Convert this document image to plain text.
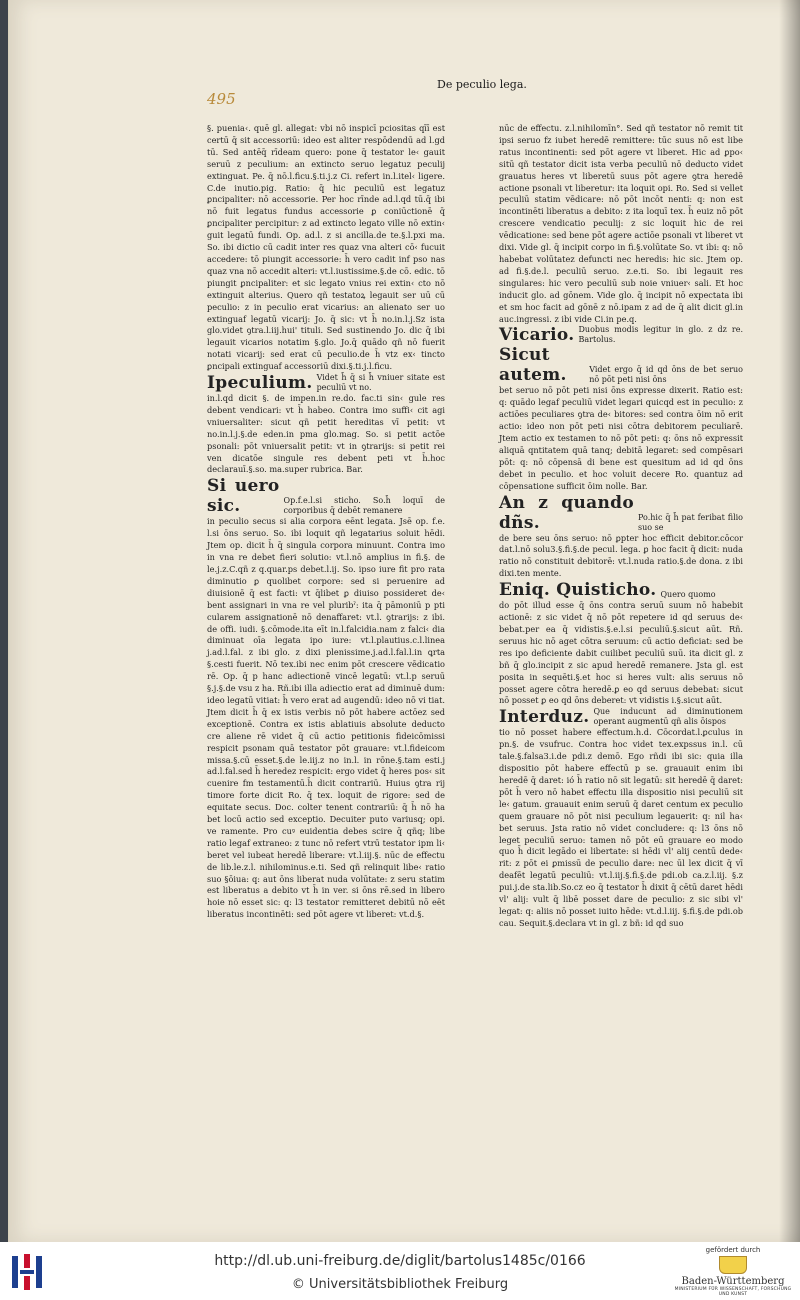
495
De peculio lega.

§. puenia‹. quē gl. allegat: vbi nō inspicī pciositas qīī est certū q̄ sit accessoriū: ideo est aliter respōdendū ad l.gd tū. Sed antēq̄ rīdeam quero: pone q̄ testator le‹ gauit seruū z peculium: an extincto seruo legatuz peculij extinguat. Pe. q̄ nō.l.ficu.§.ti.j.z Ci. refert in.l.itel‹ ligere. C.de inutio.pig. Ratio: q̄ hic peculiū est legatuz ꝑncipaliter: nō accessorie. Per hoc rīnde ad.l.qd tū.q̄ ibi nō fuit legatus fundus accessorie ꝑ coniūctionē q̄ ꝑncipaliter percipitur: z ad extincto legato ville nō extin‹ guit legatū fundi. Op. ad.l. z si ancilla.de te.§.l.pxi ma. So. ibi dictio cū cadit inter res quaz vna alteri cō‹ fucuit accedere: tō piungit accessorie: h̄ vero cadit inf pso nas quaz vna nō accedit alteri: vt.l.iustissime.§.de cō. edic. tō piungit ꝑncipaliter: et sic legato vnius rei extin‹ cto nō extinguit alterius. Quero qñ testatoꝝ legauit ser uū cū peculio: z in peculio erat vicarius: an alienato ser uo extinguaf legatū vicarij: Jo. q̄ sic: vt h̄ no.in.l.j.Sz ista glo.videt ꝯtra.l.iij.hui' tituli. Sed sustinendo Jo. dic q̄ ibi legauit vicarios notatim §.glo. Jo.q̄ quādo qñ nō fuerit notati vicarij: sed erat cū peculio.de h̄ vtz ex‹ tincto ꝑncipali extinguaf accessoriū dixi.§.ti.j.l.ficu.

Ipeculium. Videt h̄ q̄ si h̄ vniuer sitate est peculiū vt no.

in.l.qd dicit §. de impen.in re.do. fac.ti sin‹ gule res debent vendicari: vt h̄ habeo. Contra imo suffi‹ cit agi vniuersaliter: sicut qñ petit hereditas vī petit: vt no.in.l.j.§.de eden.in pma glo.mag. So. si petit actōe psonali: pōt vniuersalit petit: vt in ꝯtrarijs: si petit rei ven dicatōe singule res debent peti vt h̄.hoc declarauī.§.so. ma.super rubrica. Bar.

Si uero sic.	Op.f.e.l.si sticho. So.h̄ loquī de corporibus q̄ debēt remanere

in peculio secus si alia corpora eēnt legata. Jsē op. f.e. l.si ōns seruo. So. ibi loquit qñ legatarius soluit hēdi. Jtem op. dicit h̄ q̄ singula corpora minuunt. Contra imo in vna re debet fieri solutio: vt.l.nō amplius in fi.§. de le.j.z.C.qñ z q.quar.ps debet.l.ij. So. ipso iure fit pro rata diminutio ꝑ quolibet corpore: sed si peruenire ad diuisionē q̄ est facti: vt q̄libet ꝑ diuiso possideret de‹ bent assignari in vna re vel pluribˀ: ita q̄ pāmoniū p pti cularem assignationē nō denaffaret: vt.l. ꝯtrarijs: z ibi. de offi. iudi. §.cōmode.ita eīt in.l.falcidia.nam z falci‹ dia diminuat oīa legata ipo iure: vt.l.plautius.c.l.linea j.ad.l.fal. z ibi glo. z dixi plenissime.j.ad.l.fal.l.in ꝗrta §.cesti fuerit. Nō tex.ibi nec enim pōt crescere vēdicatio rē. Op. q̄ p hanc adiectionē vincē legatū: vt.l.p seruū §.j.§.de vsu z ha. Rñ.ibi illa adiectio erat ad diminuē dum: ideo legatū vitiat: h̄ vero erat ad augendū: ideo nō vi tiat. Jtem dicit h̄ q̄ ex istis verbis nō pōt habere actōez sed exceptionē. Contra ex istis ablatiuis absolute deducto cre aliene rē videt q̄ cū actio petitionis fideicōmissi respicit psonam quā testator pōt grauare: vt.l.fideicom missa.§.cū esset.§.de le.iij.z no in.l. in rōne.§.tam esti.j ad.l.fal.sed h̄ heredez respicit: ergo videt q̄ heres pos‹ sit cuenire fm testamentū.h̄ dicit contrariū. Huius ꝯtra rij timore forte dicit Ro. q̄ tex. loquit de rigore: sed de equitate secus. Doc. colter tenent contrariū: q̄ h̄ nō ha bet locū actio sed exceptio. Decuiter puto variusq; opi. ve ramente. Pro cuꝰ euidentia debes scire q̄ qñq; libe ratio legaf extraneo: z tunc nō refert vtrū testator ipm li‹ beret vel iubeat heredē liberare: vt.l.iij.§. nūc de effectu de lib.le.z.l. nihilominus.e.ti. Sed qñ relinquit libe‹ ratio suo §ōiua: q: aut ōns liberat nuda volūtate: z seru statim est liberatus a debito vt h̄ in ver. si ōns rē.sed in libero hoie nō esset sic: q: l3 testator remitteret debitū nō eēt liberatus incontinēti: sed pōt agere vt liberet: vt.d.§.

nūc de effectu. z.l.nihilomīn°. Sed qñ testator nō remit tit ipsi seruo fz iubet heredē remittere: tūc suus nō est libe ratus incontinenti: sed pōt agere vt liberet. Hic ad ꝑpo‹ sitū qñ testator dicit ista verba peculiū nō deducto videt grauatus heres vt liberetū suus pōt agere ꝯtra heredē actione psonali vt liberetur: ita loquit opi. Ro. Sed si vellet peculiū statim vēdicare: nō pōt incōt nenti: q: non est incontinēti liberatus a debito: z ita loquī tex. h̄ euiz nō pōt crescere vendicatio peculij: z sic loquit hic de rei vēdicatione: sed bene pōt agere actiōe psonali vt liberet vt dixi. Vide gl. q̄ incipit corpo in fi.§.volūtate So. vt ibi: q: nō habebat volūtatez defuncti nec heredis: hic sic. Jtem op. ad fi.§.de.l. peculiū seruo. z.e.ti. So. ibi legauit res singulares: hic vero peculiū sub noie vniuer‹ sali. Et hoc inducit glo. ad gōnem. Vide glo. q̄ incipit nō expectata ibi et sm hoc facit ad gōnē z nō.ipam z ad de q̄ alit dicit gl.in auc.ingressi. z ibi vide Ci.in pe.q.

Vicario. Duobus modis legitur in glo. z dz re. Bartolus.
Sicut autem.	Videt ergo q̄ id qd ōns de bet seruo nō pōt peti nisi ōns

bet seruo nō pōt peti nisi ōns expresse dixerit. Ratio est: q: quādo legaf peculiū videt legari quicqd est in peculio: z actiōes peculiares ꝯtra de‹ bitores: sed contra ōim nō erit actio: ideo non pōt peti nisi cōtra debitorem peculiarē. Jtem actio ex testamen to nō pōt peti: q: ōns nō expressit aliquā qntitatem quā tanq; debitā legaret: sed compēsari pōt: q: nō cōpensā di bene est quesitum ad id qd ōns debet in peculio. et hoc voluit decere Ro. quantuz ad cōpensatione sufficit ōim nolle. Bar.

An z quando dñs.	Po.hic q̄ h̄ pat feribat filio suo se

de bere seu ōns seruo: nō ꝑpter hoc efficit debitor.cōcor dat.l.nō solu3.§.fi.§.de pecul. lega. ꝑ hoc facit q̄ dicit: nuda ratio nō constituit debitorē: vt.l.nuda ratio.§.de dona. z ibi dixi.ten mente.

Eniq. Quisticho. Quero quomo

do pōt illud esse q̄ ōns contra seruū suum nō habebit actionē: z sic videt q̄ nō pōt repetere id qd seruus de‹ bebat.per ea q̄ vidistis.§.e.l.si peculiū.§.sicut aūt. Rñ. seruus hic nō aget cōtra seruum: cū actio deficiat: sed be res ipo deficiente dabit cuilibet peculiū suū. ita dicit gl. z bñ q̄ glo.incipit z sic apud heredē remanere. Jsta gl. est posita in sequēti.§.et hoc si heres vult: alis seruus nō posset agere cōtra heredē.ꝑ eo qd seruus debebat: sicut nō posset ꝑ eo qd ōns deberet: vt vidistis i.§.sicut aūt.

Interduz. Que inducunt ad diminutionem operant augmentū qñ alis ōispos

tio nō posset habere effectum.h.d. Cōcordat.l.ꝑculus in pn.§. de vsufruc. Contra hoc videt tex.expssus in.l. cū tale.§.falsa3.i.de pdi.z demō. Ego rñdi ibi sic: quia illa dispositio pōt habere effectū p se. grauauit enim ibi heredē q̄ daret: ió h̄ ratio nō sit legatū: sit heredē q̄ daret: pōt h̄ vero nō habet effectu illa dispositio nisi peculiū sit le‹ gatum. grauauit enim seruū q̄ daret centum ex peculio quem grauare nō pōt nisi peculium legauerit: q: nil ha‹ bet seruus. Jsta ratio nō videt concludere: q: l3 ōns nō leget peculiū seruo: tamen nō pōt eū grauare eo modo quo h̄ dicit legādo ei libertate: si hēdi vl' alij centū dede‹ rit: z pōt ei ꝑmissū de peculio dare: nec ūl lex dicit q̄ vī deafēt legatū peculiū: vt.l.iij.§.fi.§.de pdi.ob ca.z.l.iij. §.z pui.j.de sta.lib.So.cz eo q̄ testator h̄ dixit q̄ cētū daret hēdi vl' alij: vult q̄ libē posset dare de peculio: z sic sibi vl' legat: q: aliis nō posset iuito hēde: vt.d.l.iij. §.fi.§.de pdi.ob cau. Sequit.§.declara vt in gl. z bñ: id qd suo

http://dl.ub.uni-freiburg.de/diglit/bartolus1485c/0166
© Universitätsbibliothek Freiburg
gefördert durch
Baden-Württemberg
MINISTERIUM FÜR WISSENSCHAFT, FORSCHUNG UND KUNST
